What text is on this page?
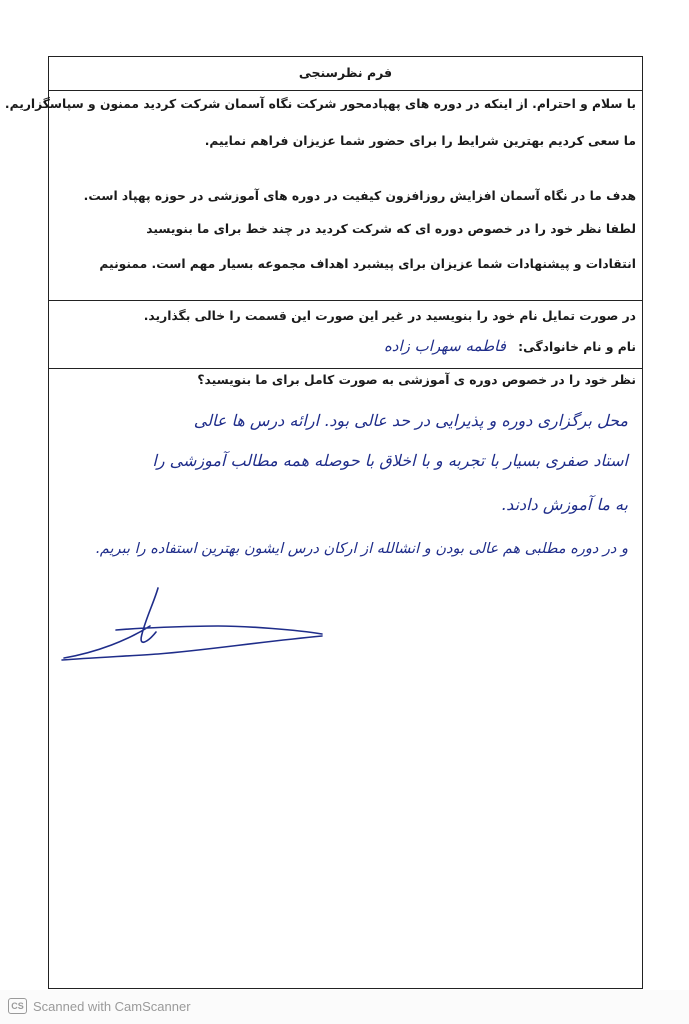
فرم نظرسنجی
با سلام و احترام. از اینکه در دوره های پهپادمحور شرکت نگاه آسمان شرکت کردید ممنون و سپاسگزاریم.
ما سعی کردیم بهترین شرایط را برای حضور شما عزیزان فراهم نماییم.
هدف ما در نگاه آسمان افزایش روزافزون کیفیت در دوره های آموزشی در حوزه پهپاد است.
لطفا نظر خود را در خصوص دوره ای که شرکت کردید در چند خط برای ما بنویسید
انتقادات و پیشنهادات شما عزیزان برای پیشبرد اهداف مجموعه بسیار مهم است. ممنونیم
در صورت تمایل نام خود را بنویسید در غیر این صورت این قسمت را خالی بگذارید.
نام و نام خانوادگی: فاطمه سهراب زاده
نظر خود را در خصوص دوره ی آموزشی به صورت کامل برای ما بنویسید؟
محل برگزاری دوره و پذیرایی در حد عالی بود. ارائه درس ها عالی
استاد صفری بسیار با تجربه و با اخلاق با حوصله همه مطالب آموزشی را
به ما آموزش دادند.
و در دوره مطلبی هم عالی بودن و انشالله از ارکان درس ایشون بهترین استفاده را ببریم.
CS Scanned with CamScanner
